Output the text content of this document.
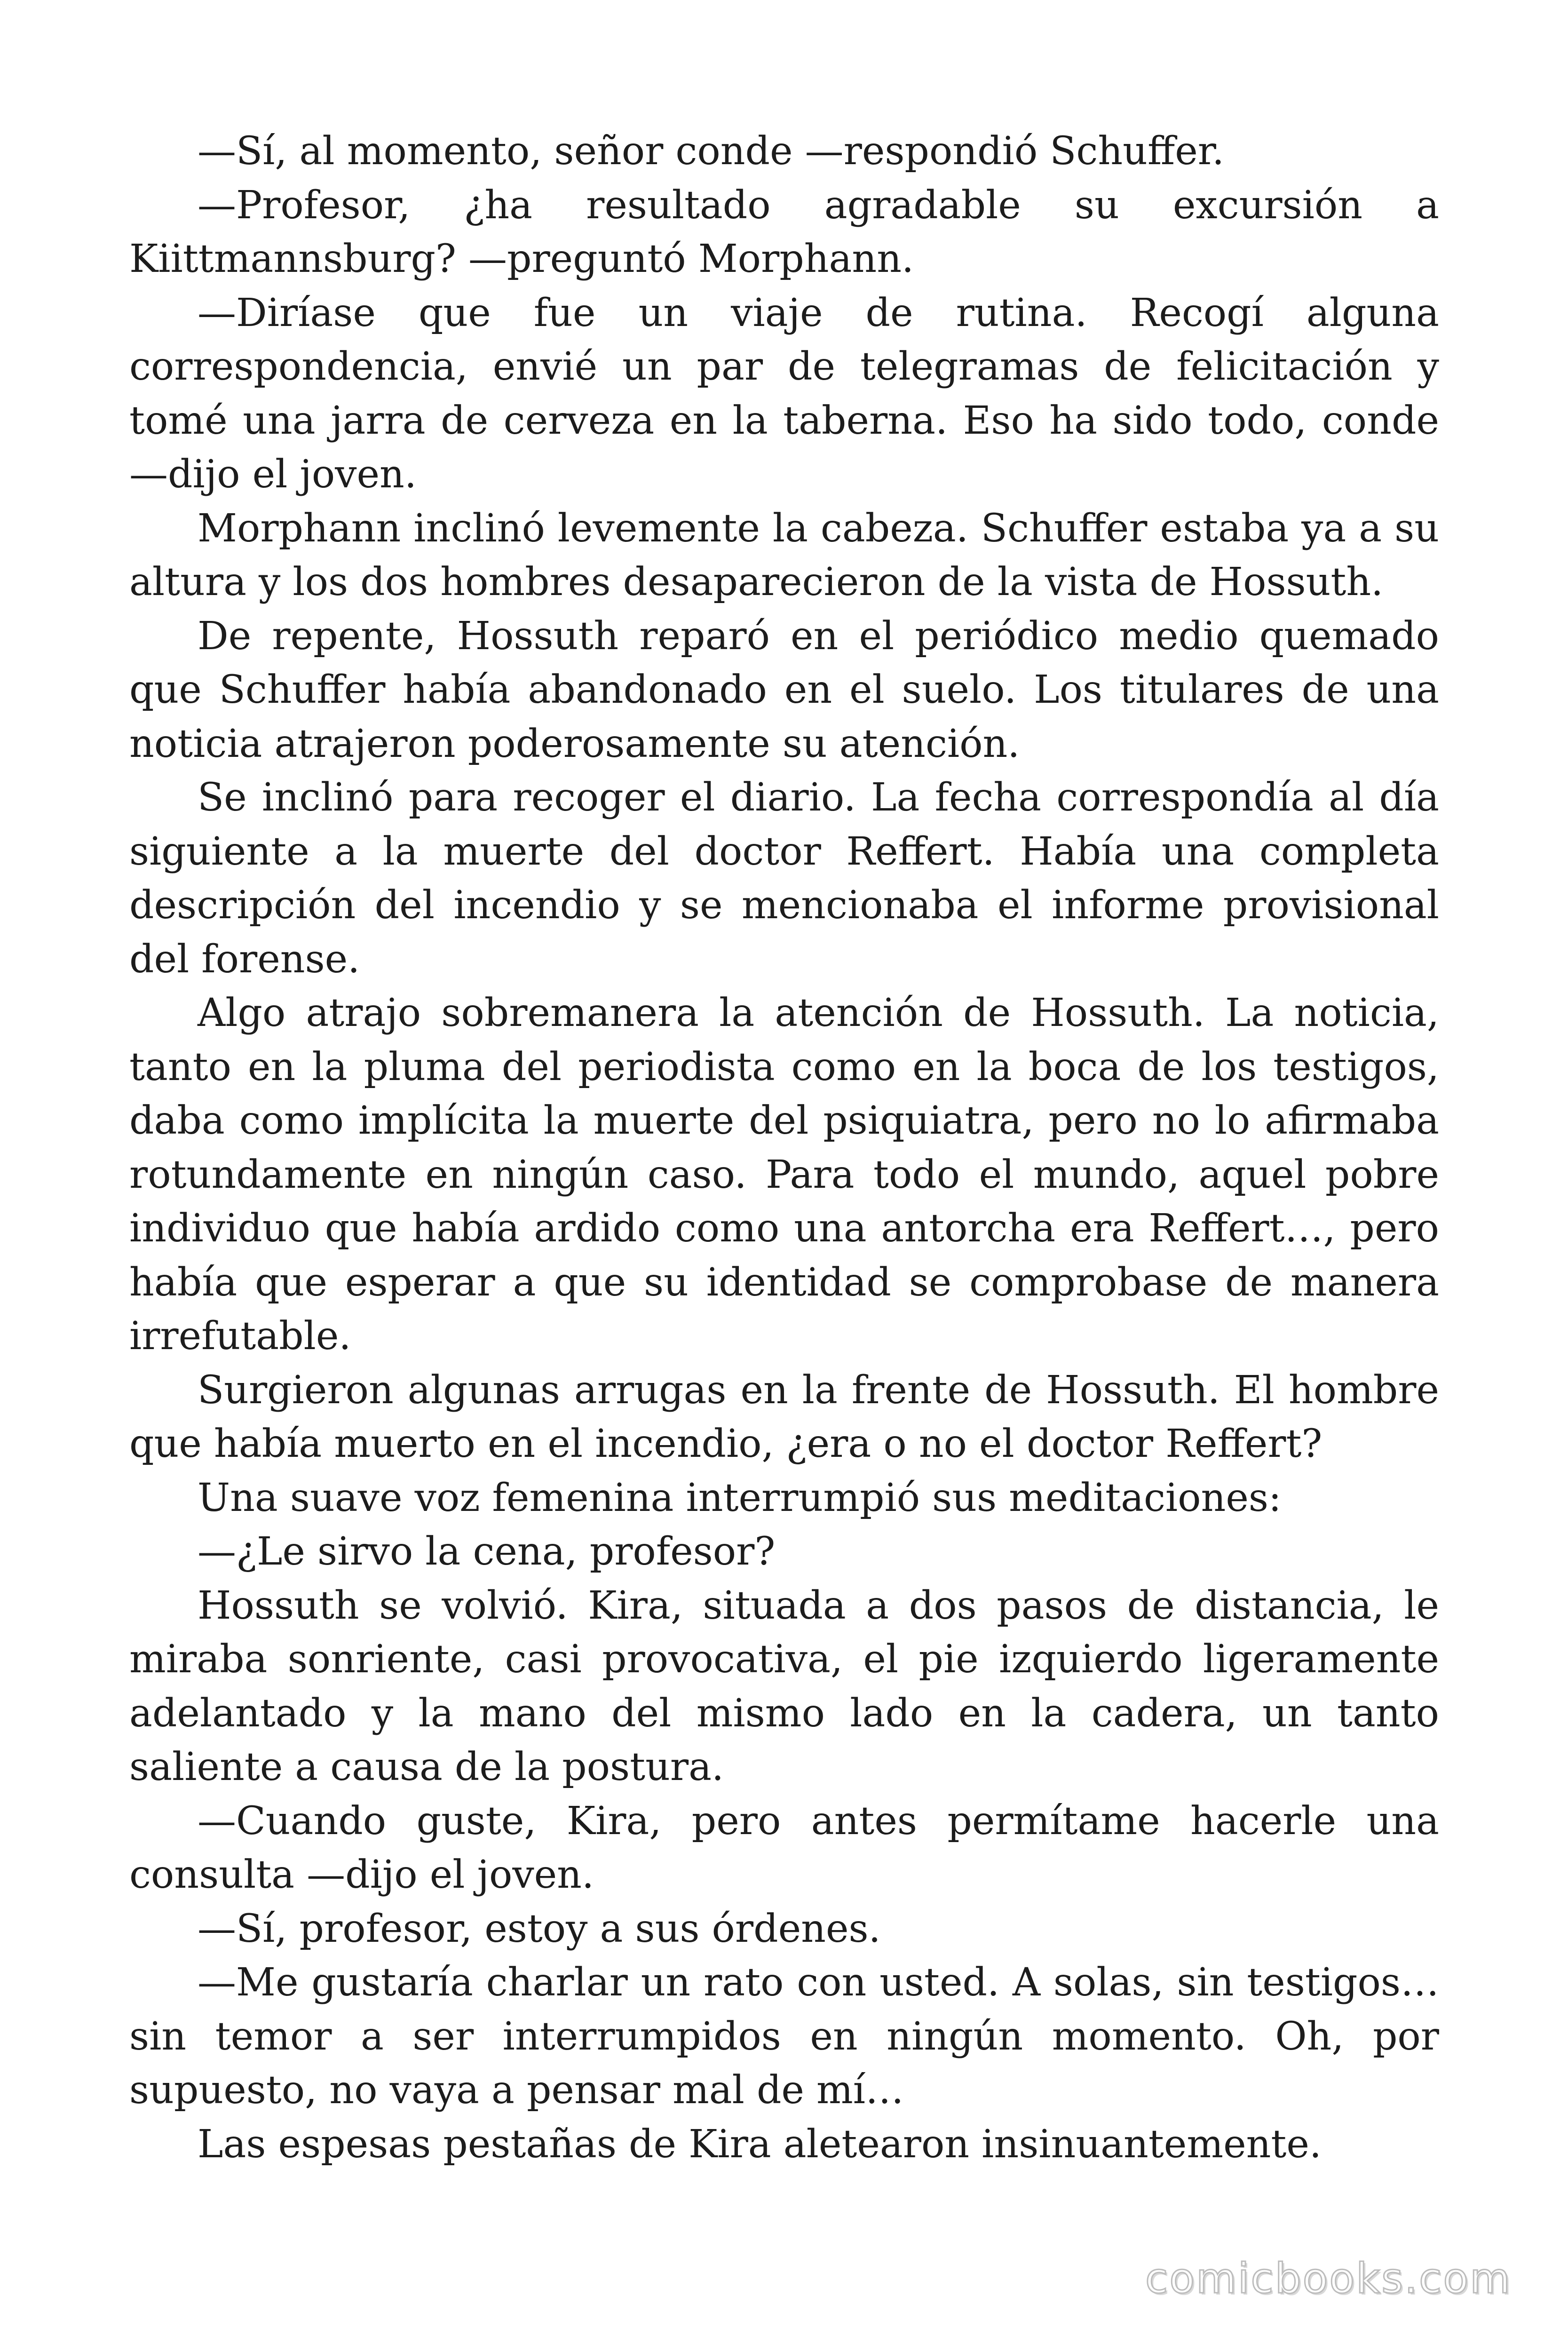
—Sí, al momento, señor conde —respondió Schuffer.

—Profesor, ¿ha resultado agradable su excursión a Kiittmannsburg? —preguntó Morphann.

—Diríase que fue un viaje de rutina. Recogí alguna correspondencia, envié un par de telegramas de felicitación y tomé una jarra de cerveza en la taberna. Eso ha sido todo, conde —dijo el joven.

Morphann inclinó levemente la cabeza. Schuffer estaba ya a su altura y los dos hombres desaparecieron de la vista de Hossuth.

De repente, Hossuth reparó en el periódico medio quemado que Schuffer había abandonado en el suelo. Los titulares de una noticia atrajeron poderosamente su atención.

Se inclinó para recoger el diario. La fecha correspondía al día siguiente a la muerte del doctor Reffert. Había una completa descripción del incendio y se mencionaba el informe provisional del forense.

Algo atrajo sobremanera la atención de Hossuth. La noticia, tanto en la pluma del periodista como en la boca de los testigos, daba como implícita la muerte del psiquiatra, pero no lo afirmaba rotundamente en ningún caso. Para todo el mundo, aquel pobre individuo que había ardido como una antorcha era Reffert…, pero había que esperar a que su identidad se comprobase de manera irrefutable.

Surgieron algunas arrugas en la frente de Hossuth. El hombre que había muerto en el incendio, ¿era o no el doctor Reffert?

Una suave voz femenina interrumpió sus meditaciones:

—¿Le sirvo la cena, profesor?

Hossuth se volvió. Kira, situada a dos pasos de distancia, le miraba sonriente, casi provocativa, el pie izquierdo ligeramente adelantado y la mano del mismo lado en la cadera, un tanto saliente a causa de la postura.

—Cuando guste, Kira, pero antes permítame hacerle una consulta —dijo el joven.

—Sí, profesor, estoy a sus órdenes.

—Me gustaría charlar un rato con usted. A solas, sin testigos… sin temor a ser interrumpidos en ningún momento. Oh, por supuesto, no vaya a pensar mal de mí…

Las espesas pestañas de Kira aletearon insinuantemente.

comicbooks.com
